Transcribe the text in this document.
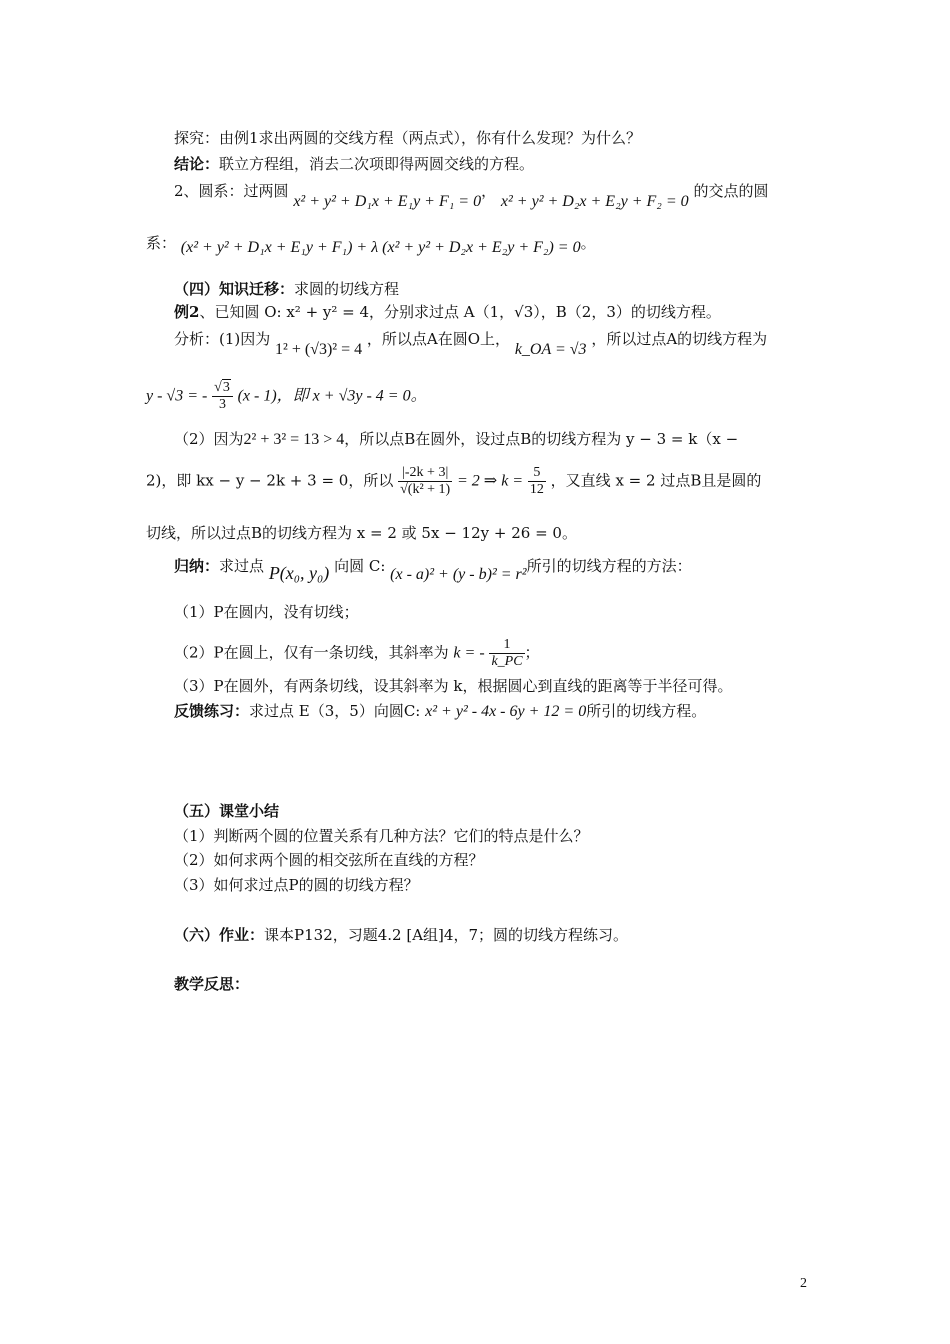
探究：由例1求出两圆的交线方程（两点式），你有什么发现？为什么？
结论：联立方程组，消去二次项即得两圆交线的方程。
2、圆系：过两圆 x² + y² + D₁x + E₁y + F₁ = 0， x² + y² + D₂x + E₂y + F₂ = 0 的交点的圆
系： (x² + y² + D₁x + E₁y + F₁) + λ (x² + y² + D₂x + E₂y + F₂) = 0。
（四）知识迁移：求圆的切线方程
例2、已知圆 O: x² + y² = 4，分别求过点 A（1，√3），B（2，3）的切线方程。
分析：(1)因为 1² + (√3)² = 4 ，所以点A在圆O上， k_OA = √3 ，所以过点A的切线方程为
y - √3 = - $\frac{√3}{3} (x - 1)$，即 x + √3y - 4 = 0。
（2）因为2² + 3² = 13 > 4，所以点B在圆外，设过点B的切线方程为 y − 3 = k（x −
2)，即 kx − y − 2k + 3 = 0，所以 $\frac{|-2k + 3|}{\text{√(k² + 1)}} = 2$ ⇒ $k = \frac{5}{12}$ ，又直线 x = 2 过点B且是圆的
切线，所以过点B的切线方程为 x = 2 或 5x − 12y + 26 = 0。
归纳：求过点 P(x₀, y₀) 向圆 C: (x - a)² + (y - b)² = r²所引的切线方程的方法：
（1）P在圆内，没有切线；
（2）P在圆上，仅有一条切线，其斜率为 k = - $\frac{1}{k\_PC}$ ；
（3）P在圆外，有两条切线，设其斜率为 k，根据圆心到直线的距离等于半径可得。
反馈练习：求过点 E（3，5）向圆C: x² + y² - 4x - 6y + 12 = 0所引的切线方程。
（五）课堂小结
（1）判断两个圆的位置关系有几种方法？它们的特点是什么？
（2）如何求两个圆的相交弦所在直线的方程？
（3）如何求过点P的圆的切线方程？
（六）作业：课本P132，习题4.2 [A组]4，7；圆的切线方程练习。
教学反思：
2
